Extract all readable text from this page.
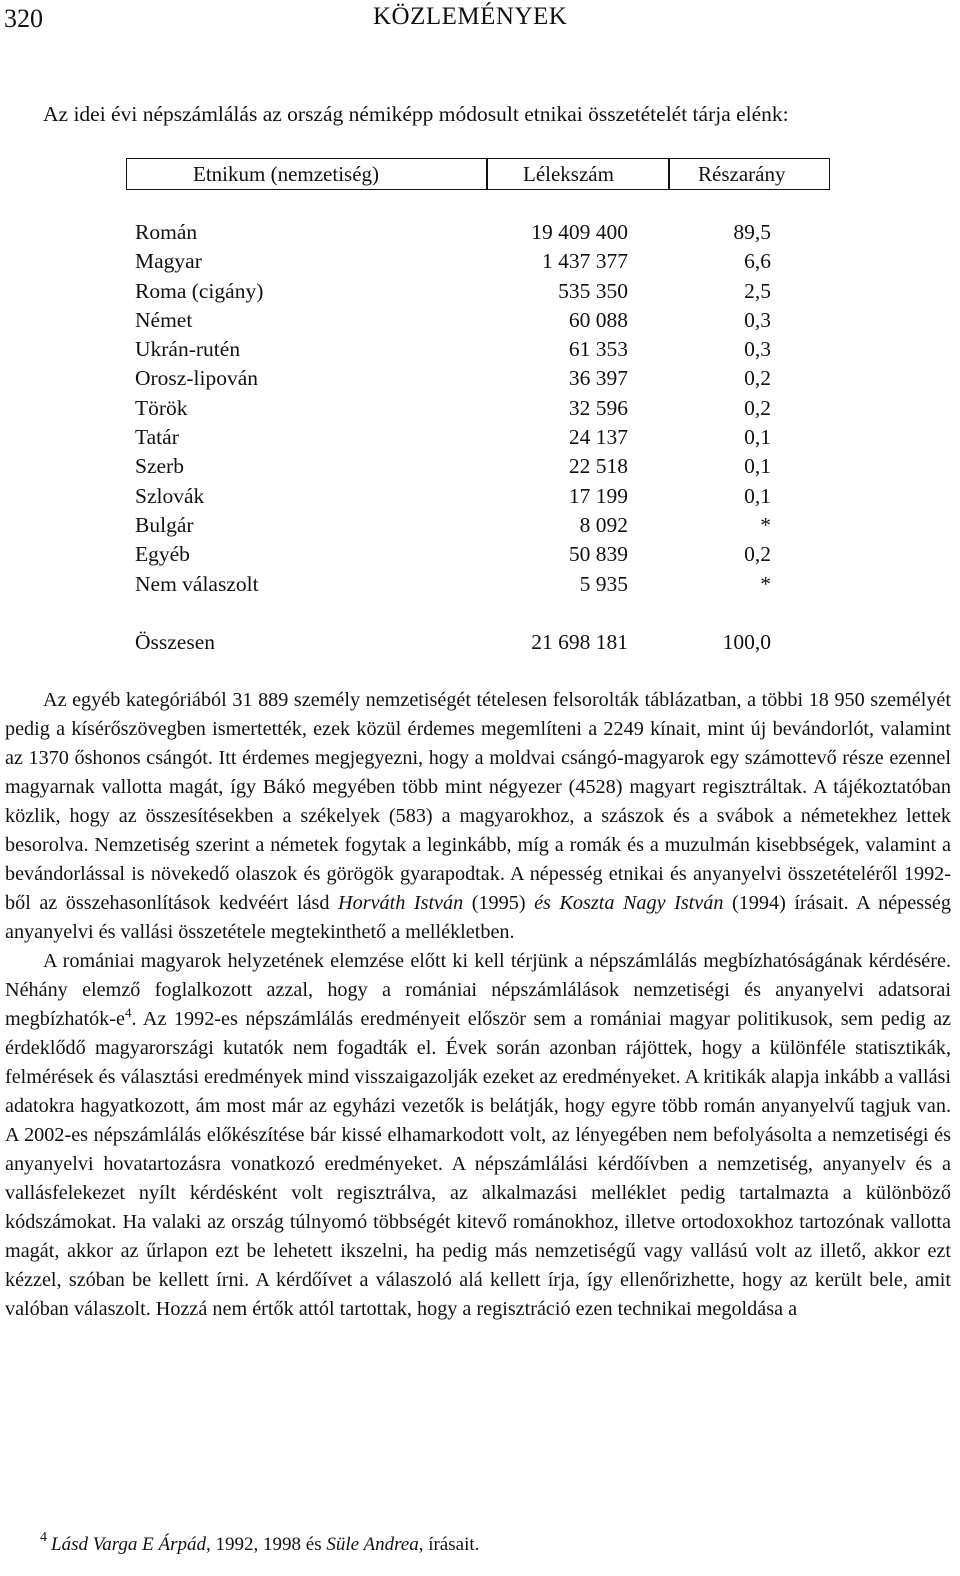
320	KÖZLEMÉNYEK
Az idei évi népszámlálás az ország némiképp módosult etnikai összetételét tárja elénk:
Etnikum (nemzetiség)	Lélekszám	Részarány
Román	19 409 400	89,5
Magyar	1 437 377	6,6
Roma (cigány)	535 350	2,5
Német	60 088	0,3
Ukrán-rutén	61 353	0,3
Orosz-lipován	36 397	0,2
Török	32 596	0,2
Tatár	24 137	0,1
Szerb	22 518	0,1
Szlovák	17 199	0,1
Bulgár	8 092	*
Egyéb	50 839	0,2
Nem válaszolt	5 935	*
Összesen	21 698 181	100,0

Az egyéb kategóriából 31 889 személy nemzetiségét tételesen felsorolták táblázatban, a többi 18 950 személyét pedig a kísérőszövegben ismertették, ezek közül érdemes megemlíteni a 2249 kínait, mint új bevándorlót, valamint az 1370 őshonos csángót. Itt érdemes megjegyezni, hogy a moldvai csángó-magyarok egy számottevő része ezennel magyarnak vallotta magát, így Bákó megyében több mint négyezer (4528) magyart regisztráltak. A tájékoztatóban közlik, hogy az összesítésekben a székelyek (583) a magyarokhoz, a szászok és a svábok a németekhez lettek besorolva. Nemzetiség szerint a németek fogytak a leginkább, míg a romák és a muzulmán kisebbségek, valamint a bevándorlással is növekedő olaszok és görögök gyarapodtak. A népesség etnikai és anyanyelvi összetételéről 1992-ből az összehasonlítások kedvéért lásd Horváth István (1995) és Koszta Nagy István (1994) írásait. A népesség anyanyelvi és vallási összetétele megtekinthető a mellékletben.

A romániai magyarok helyzetének elemzése előtt ki kell térjünk a népszámlálás megbízhatóságának kérdésére. Néhány elemző foglalkozott azzal, hogy a romániai népszámlálások nemzetiségi és anyanyelvi adatsorai megbízhatók-$e^4$. Az 1992-es népszámlálás eredményeit először sem a romániai magyar politikusok, sem pedig az érdeklődő magyarországi kutatók nem fogadták el. Évek során azonban rájöttek, hogy a különféle statisztikák, felmérések és választási eredmények mind visszaigazolják ezeket az eredményeket. A kritikák alapja inkább a vallási adatokra hagyatkozott, ám most már az egyházi vezetők is belátják, hogy egyre több román anyanyelvű tagjuk van. A 2002-es népszámlálás előkészítése bár kissé elhamarkodott volt, az lényegében nem befolyásolta a nemzetiségi és anyanyelvi hovatartozásra vonatkozó eredményeket. A népszámlálási kérdőívben a nemzetiség, anyanyelv és a vallásfelekezet nyílt kérdésként volt regisztrálva, az alkalmazási melléklet pedig tartalmazta a különböző kódszámokat. Ha valaki az ország túlnyomó többségét kitevő románokhoz, illetve ortodoxokhoz tartozónak vallotta magát, akkor az űrlapon ezt be lehetett ikszelni, ha pedig más nemzetiségű vagy vallású volt az illető, akkor ezt kézzel, szóban be kellett írni. A kérdőívet a válaszoló alá kellett írja, így ellenőrizhette, hogy az került bele, amit valóban válaszolt. Hozzá nem értők attól tartottak, hogy a regisztráció ezen technikai megoldása a

$^4$ Lásd Varga E Árpád, 1992, 1998 és Süle Andrea, írásait.
